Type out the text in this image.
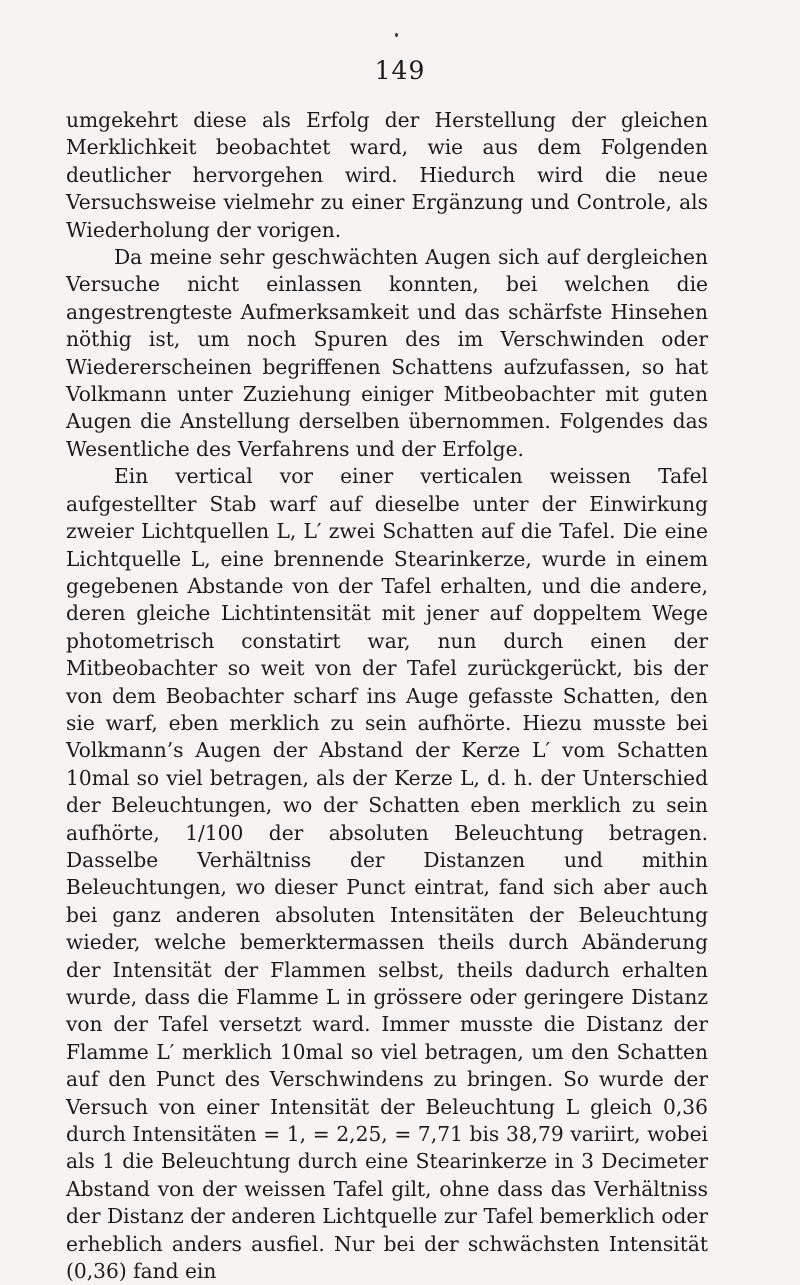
149

umgekehrt diese als Erfolg der Herstellung der gleichen Merklichkeit beobachtet ward, wie aus dem Folgenden deutlicher hervorgehen wird. Hiedurch wird die neue Versuchsweise vielmehr zu einer Ergänzung und Controle, als Wiederholung der vorigen.

Da meine sehr geschwächten Augen sich auf dergleichen Versuche nicht einlassen konnten, bei welchen die angestrengteste Aufmerksamkeit und das schärfste Hinsehen nöthig ist, um noch Spuren des im Verschwinden oder Wiedererscheinen begriffenen Schattens aufzufassen, so hat Volkmann unter Zuziehung einiger Mitbeobachter mit guten Augen die Anstellung derselben übernommen. Folgendes das Wesentliche des Verfahrens und der Erfolge.

Ein vertical vor einer verticalen weissen Tafel aufgestellter Stab warf auf dieselbe unter der Einwirkung zweier Lichtquellen L, L′ zwei Schatten auf die Tafel. Die eine Lichtquelle L, eine brennende Stearinkerze, wurde in einem gegebenen Abstande von der Tafel erhalten, und die andere, deren gleiche Lichtintensität mit jener auf doppeltem Wege photometrisch constatirt war, nun durch einen der Mitbeobachter so weit von der Tafel zurückgerückt, bis der von dem Beobachter scharf ins Auge gefasste Schatten, den sie warf, eben merklich zu sein aufhörte. Hiezu musste bei Volkmann’s Augen der Abstand der Kerze L′ vom Schatten 10mal so viel betragen, als der Kerze L, d. h. der Unterschied der Beleuchtungen, wo der Schatten eben merklich zu sein aufhörte, 1/100 der absoluten Beleuchtung betragen. Dasselbe Verhältniss der Distanzen und mithin Beleuchtungen, wo dieser Punct eintrat, fand sich aber auch bei ganz anderen absoluten Intensitäten der Beleuchtung wieder, welche bemerktermassen theils durch Abänderung der Intensität der Flammen selbst, theils dadurch erhalten wurde, dass die Flamme L in grössere oder geringere Distanz von der Tafel versetzt ward. Immer musste die Distanz der Flamme L′ merklich 10mal so viel betragen, um den Schatten auf den Punct des Verschwindens zu bringen. So wurde der Versuch von einer Intensität der Beleuchtung L gleich 0,36 durch Intensitäten = 1, = 2,25, = 7,71 bis 38,79 variirt, wobei als 1 die Beleuchtung durch eine Stearinkerze in 3 Decimeter Abstand von der weissen Tafel gilt, ohne dass das Verhältniss der Distanz der anderen Lichtquelle zur Tafel bemerklich oder erheblich anders ausfiel. Nur bei der schwächsten Intensität (0,36) fand ein
